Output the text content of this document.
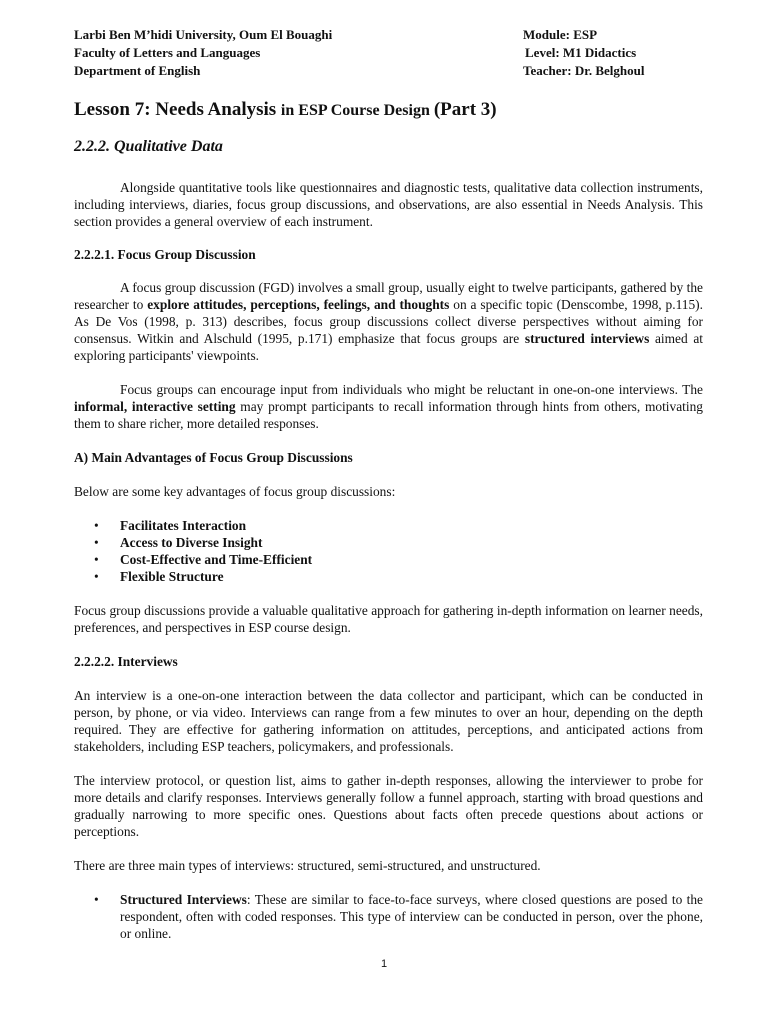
Larbi Ben M’hidi University, Oum El Bouaghi
Faculty of Letters and Languages
Department of English
Module: ESP
Level: M1 Didactics
Teacher: Dr. Belghoul
Lesson 7: Needs Analysis in ESP Course Design (Part 3)
2.2.2. Qualitative Data

Alongside quantitative tools like questionnaires and diagnostic tests, qualitative data collection instruments, including interviews, diaries, focus group discussions, and observations, are also essential in Needs Analysis. This section provides a general overview of each instrument.

2.2.2.1. Focus Group Discussion

A focus group discussion (FGD) involves a small group, usually eight to twelve participants, gathered by the researcher to explore attitudes, perceptions, feelings, and thoughts on a specific topic (Denscombe, 1998, p.115). As De Vos (1998, p. 313) describes, focus group discussions collect diverse perspectives without aiming for consensus. Witkin and Alschuld (1995, p.171) emphasize that focus groups are structured interviews aimed at exploring participants' viewpoints.

Focus groups can encourage input from individuals who might be reluctant in one-on-one interviews. The informal, interactive setting may prompt participants to recall information through hints from others, motivating them to share richer, more detailed responses.

A) Main Advantages of Focus Group Discussions

Below are some key advantages of focus group discussions:

• Facilitates Interaction
• Access to Diverse Insight
• Cost-Effective and Time-Efficient
• Flexible Structure

Focus group discussions provide a valuable qualitative approach for gathering in-depth information on learner needs, preferences, and perspectives in ESP course design.

2.2.2.2. Interviews

An interview is a one-on-one interaction between the data collector and participant, which can be conducted in person, by phone, or via video. Interviews can range from a few minutes to over an hour, depending on the depth required. They are effective for gathering information on attitudes, perceptions, and anticipated actions from stakeholders, including ESP teachers, policymakers, and professionals.

The interview protocol, or question list, aims to gather in-depth responses, allowing the interviewer to probe for more details and clarify responses. Interviews generally follow a funnel approach, starting with broad questions and gradually narrowing to more specific ones. Questions about facts often precede questions about actions or perceptions.

There are three main types of interviews: structured, semi-structured, and unstructured.

• Structured Interviews: These are similar to face-to-face surveys, where closed questions are posed to the respondent, often with coded responses. This type of interview can be conducted in person, over the phone, or online.
1
